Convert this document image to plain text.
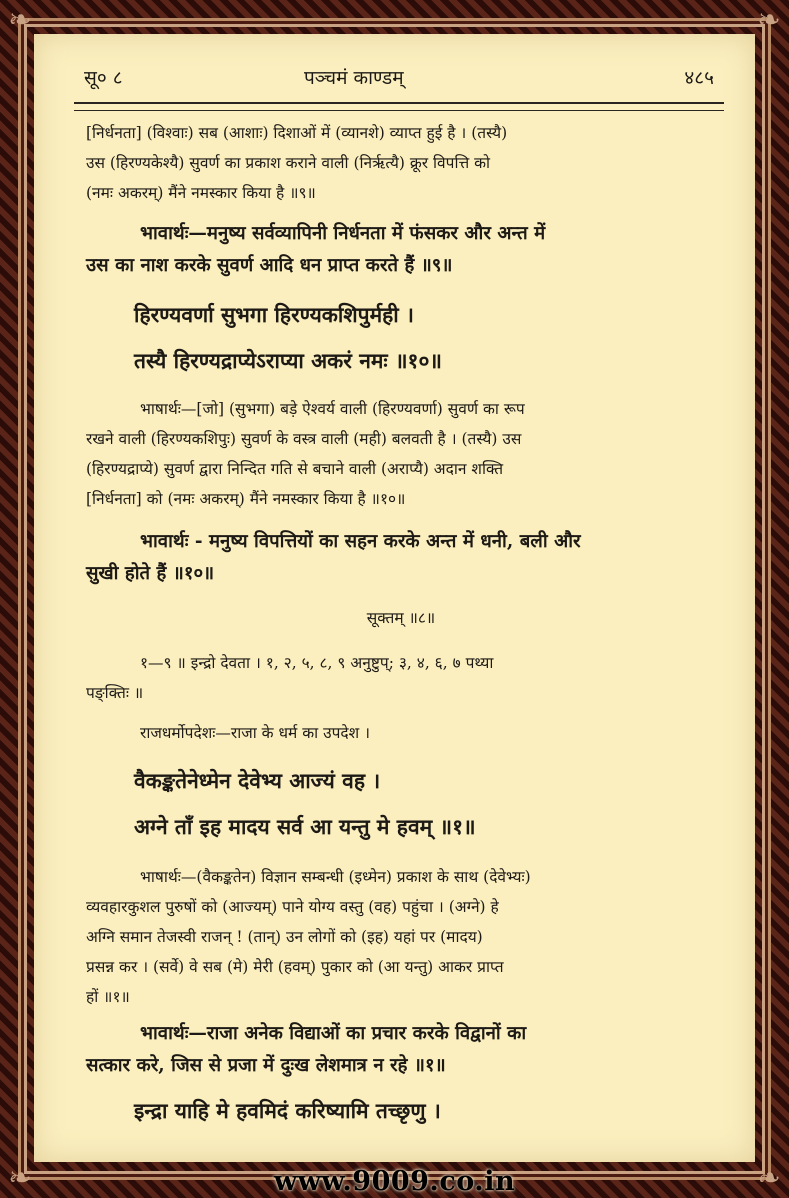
❧	❧
❧	❧
सू० ८	पञ्चमं काण्डम्	४८५
[निर्धनता] (विश्वाः) सब (आशाः) दिशाओं में (व्यानशे) व्याप्त हुई है । (तस्यै)
उस (हिरण्यकेश्यै) सुवर्ण का प्रकाश कराने वाली (निर्ऋत्यै) क्रूर विपत्ति को
(नमः अकरम्) मैंने नमस्कार किया है ॥९॥
भावार्थः—मनुष्य सर्वव्यापिनी निर्धनता में फंसकर और अन्त में
उस का नाश करके सुवर्ण आदि धन प्राप्त करते हैं ॥९॥
हिरण्यवर्णा सुभगा हिरण्यकशिपुर्मही ।
तस्यै हिरण्यद्राप्येऽराप्या अकरं नमः ॥१०॥
भाषार्थः—[जो] (सुभगा) बड़े ऐश्वर्य वाली (हिरण्यवर्णा) सुवर्ण का रूप
रखने वाली (हिरण्यकशिपुः) सुवर्ण के वस्त्र वाली (मही) बलवती है । (तस्यै) उस
(हिरण्यद्राप्ये) सुवर्ण द्वारा निन्दित गति से बचाने वाली (अराप्यै) अदान शक्ति
[निर्धनता] को (नमः अकरम्) मैंने नमस्कार किया है ॥१०॥
भावार्थः - मनुष्य विपत्तियों का सहन करके अन्त में धनी, बली और
सुखी होते हैं ॥१०॥
सूक्तम् ॥८॥
१—९ ॥ इन्द्रो देवता । १, २, ५, ८, ९ अनुष्टुप्; ३, ४, ६, ७ पथ्या
पङ्क्तिः ॥
राजधर्मोपदेशः—राजा के धर्म का उपदेश ।
वैकङ्कतेनेध्मेन देवेभ्य आज्यं वह ।
अग्ने ताँ इह मादय सर्व आ यन्तु मे हवम् ॥१॥
भाषार्थः—(वैकङ्कतेन) विज्ञान सम्बन्धी (इध्मेन) प्रकाश के साथ (देवेभ्यः)
व्यवहारकुशल पुरुषों को (आज्यम्) पाने योग्य वस्तु (वह) पहुंचा । (अग्ने) हे
अग्नि समान तेजस्वी राजन् ! (तान्) उन लोगों को (इह) यहां पर (मादय)
प्रसन्न कर । (सर्वे) वे सब (मे) मेरी (हवम्) पुकार को (आ यन्तु) आकर प्राप्त
हों ॥१॥
भावार्थः—राजा अनेक विद्याओं का प्रचार करके विद्वानों का
सत्कार करे, जिस से प्रजा में दुःख लेशमात्र न रहे ॥१॥
इन्द्रा याहि मे हवमिदं करिष्यामि तच्छृणु ।
www.9009.co.in
